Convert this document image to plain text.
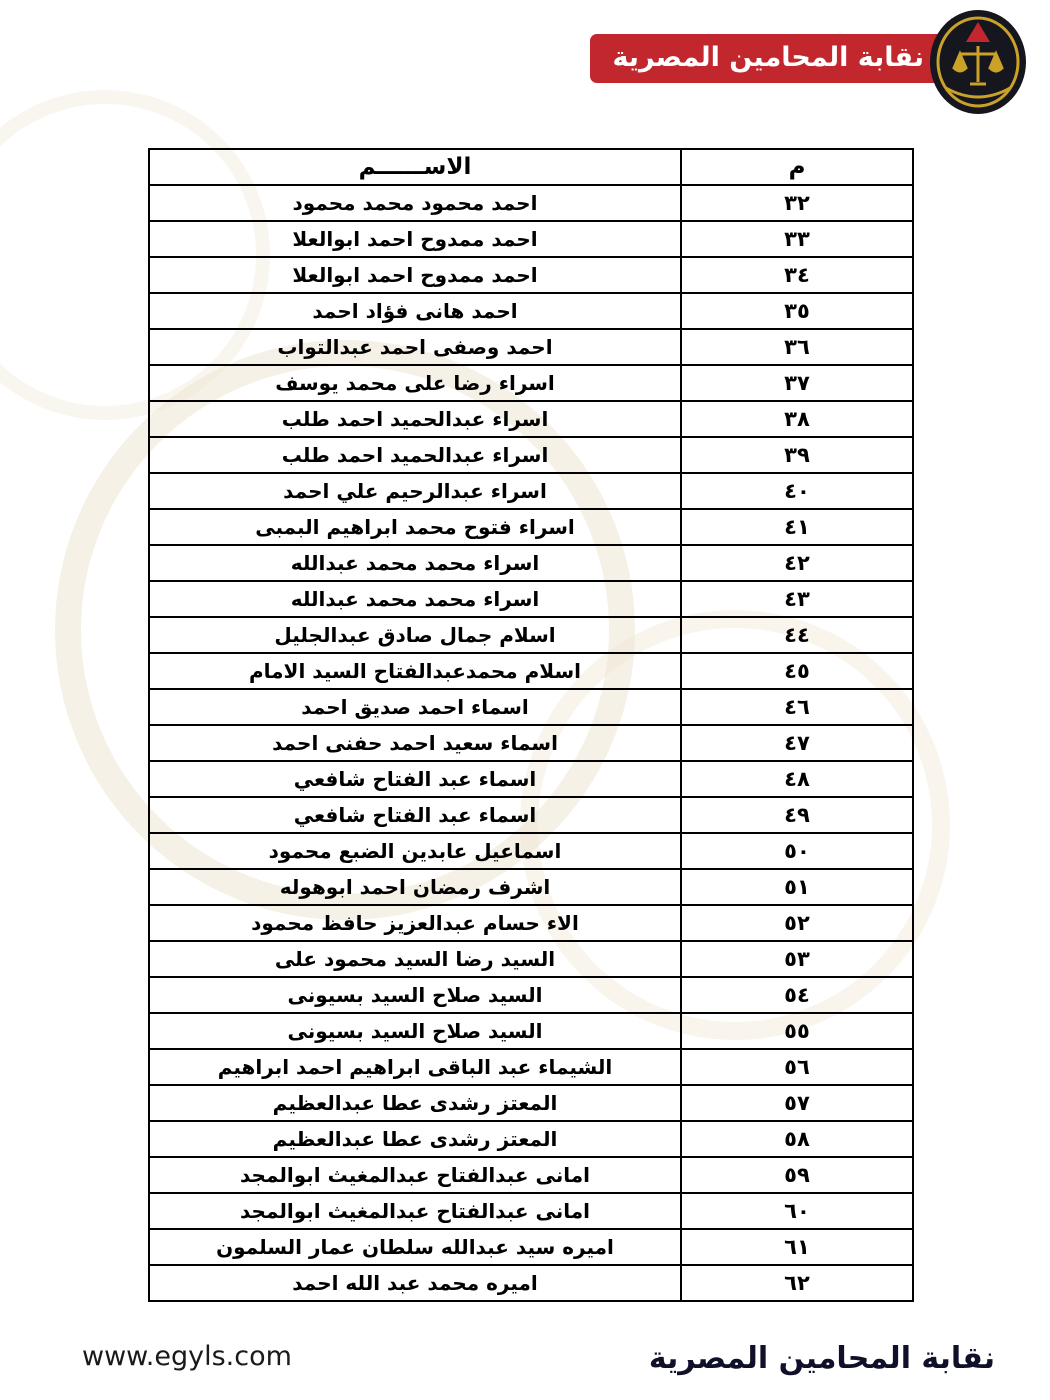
نقابة المحامين المصرية
م	الاســــــم
٣٢	احمد محمود محمد محمود
٣٣	احمد ممدوح احمد ابوالعلا
٣٤	احمد ممدوح احمد ابوالعلا
٣٥	احمد هانى فؤاد احمد
٣٦	احمد وصفى احمد عبدالتواب
٣٧	اسراء رضا على محمد يوسف
٣٨	اسراء عبدالحميد احمد طلب
٣٩	اسراء عبدالحميد احمد طلب
٤٠	اسراء عبدالرحيم علي احمد
٤١	اسراء فتوح محمد ابراهيم البمبى
٤٢	اسراء محمد محمد عبدالله
٤٣	اسراء محمد محمد عبدالله
٤٤	اسلام جمال صادق عبدالجليل
٤٥	اسلام محمدعبدالفتاح السيد الامام
٤٦	اسماء احمد صديق احمد
٤٧	اسماء سعيد احمد حفنى احمد
٤٨	اسماء عبد الفتاح شافعي
٤٩	اسماء عبد الفتاح شافعي
٥٠	اسماعيل عابدين الضبع محمود
٥١	اشرف رمضان احمد ابوهوله
٥٢	الاء حسام عبدالعزيز حافظ محمود
٥٣	السيد رضا السيد محمود على
٥٤	السيد صلاح السيد بسيونى
٥٥	السيد صلاح السيد بسيونى
٥٦	الشيماء عبد الباقى ابراهيم احمد ابراهيم
٥٧	المعتز رشدى عطا عبدالعظيم
٥٨	المعتز رشدى عطا عبدالعظيم
٥٩	امانى عبدالفتاح عبدالمغيث ابوالمجد
٦٠	امانى عبدالفتاح عبدالمغيث ابوالمجد
٦١	اميره سيد عبدالله سلطان عمار السلمون
٦٢	اميره محمد عبد الله احمد
نقابة المحامين المصرية
www.egyls.com
